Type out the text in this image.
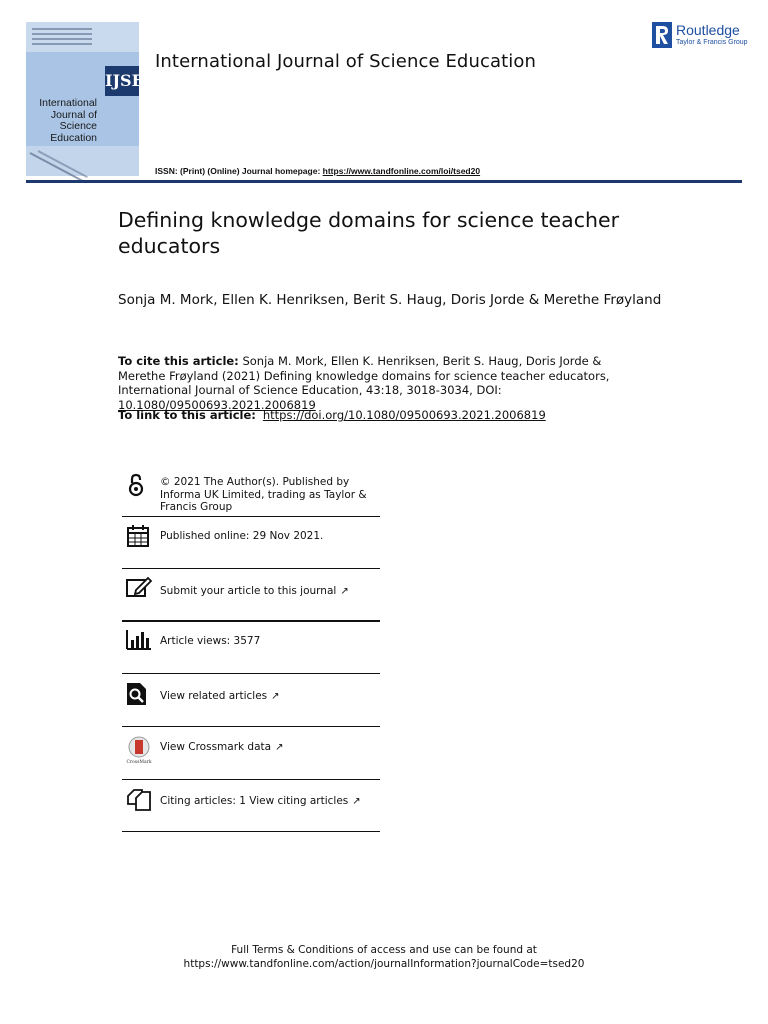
IJSE
International
Journal of
Science
Education
International Journal of Science Education
Routledge
Taylor & Francis Group
ISSN: (Print) (Online) Journal homepage: https://www.tandfonline.com/loi/tsed20
Defining knowledge domains for science teacher educators
Sonja M. Mork, Ellen K. Henriksen, Berit S. Haug, Doris Jorde & Merethe Frøyland
To cite this article: Sonja M. Mork, Ellen K. Henriksen, Berit S. Haug, Doris Jorde & Merethe Frøyland (2021) Defining knowledge domains for science teacher educators, International Journal of Science Education, 43:18, 3018-3034, DOI: 10.1080/09500693.2021.2006819
To link to this article: https://doi.org/10.1080/09500693.2021.2006819
© 2021 The Author(s). Published by Informa UK Limited, trading as Taylor & Francis Group
Published online: 29 Nov 2021.
Submit your article to this journal ↗
Article views: 3577
View related articles ↗
CrossMark
View Crossmark data ↗
Citing articles: 1 View citing articles ↗
Full Terms & Conditions of access and use can be found at
https://www.tandfonline.com/action/journalInformation?journalCode=tsed20
